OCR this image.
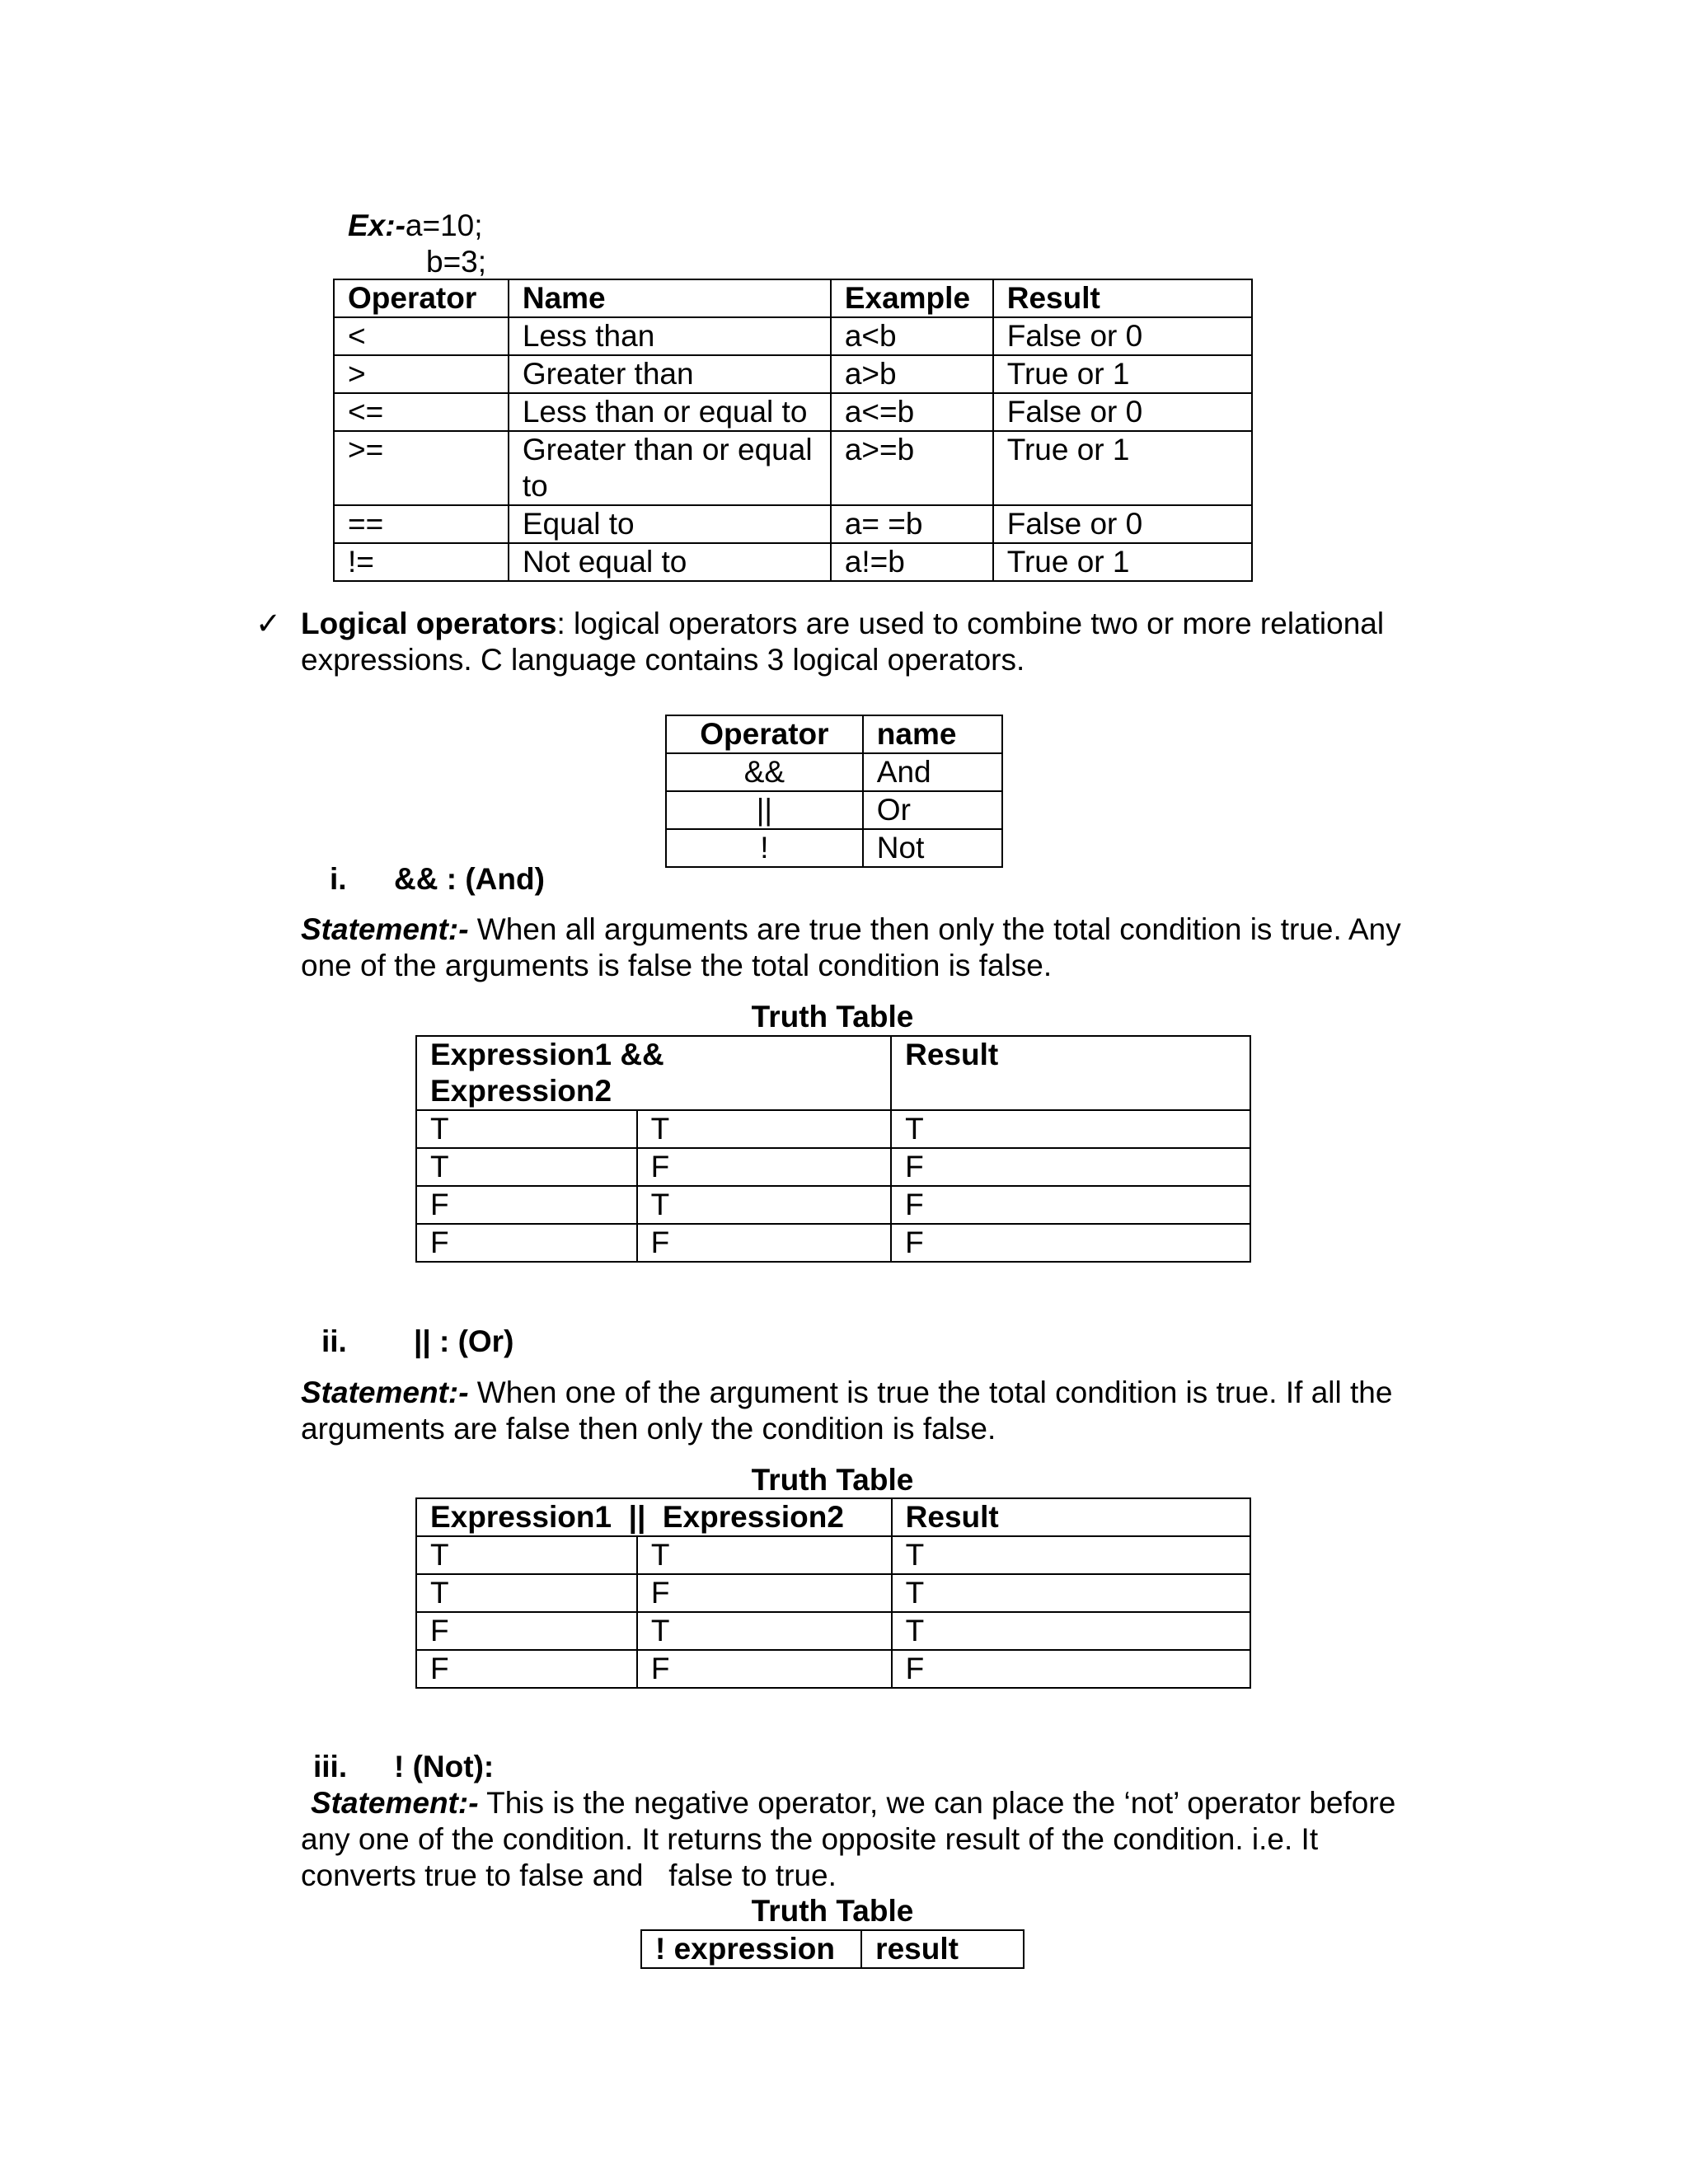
Ex:-a=10;
b=3;
Operator	Name	Example	Result
<	Less than	a<b	False or 0
>	Greater than	a>b	True or 1
<=	Less than or equal to	a<=b	False or 0
>=	Greater than or equal to	a>=b	True or 1
==	Equal to	a= =b	False or 0
!=	Not equal to	a!=b	True or 1
✓ Logical operators: logical operators are used to combine two or more relational expressions. C language contains 3 logical operators.
Operator	name
&&	And
||	Or
!	Not
i. && : (And)
Statement:- When all arguments are true then only the total condition is true. Any one of the arguments is false the total condition is false.
Truth Table
Expression1 && Expression2		Result
T	T	T
T	F	F
F	T	F
F	F	F
ii. || : (Or)
Statement:- When one of the argument is true the total condition is true. If all the arguments are false then only the condition is false.
Truth Table
Expression1  ||  Expression2		Result
T	T	T
T	F	T
F	T	T
F	F	F
iii. ! (Not):
Statement:- This is the negative operator, we can place the ‘not’ operator before any one of the condition. It returns the opposite result of the condition. i.e. It converts true to false and   false to true.
Truth Table
! expression	result
